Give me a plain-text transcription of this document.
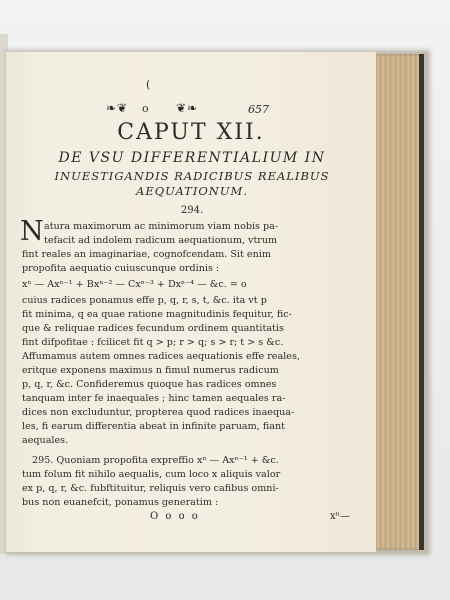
(
❧❦ o ❦❧	657
CAPUT XII.
DE VSU DIFFERENTIALIUM IN
INUESTIGANDIS RADICIBUS REALIBUS
AEQUATIONUM.
294.
N atura maximorum ac minimorum viam nobis pa-
tefacit ad indolem radicum aequationum, vtrum
fint reales an imaginariae, cognofcendam. Sit enim
propofita aequatio cuiuscunque ordinis :
xⁿ — Axⁿ⁻¹ + Bxⁿ⁻² — Cxⁿ⁻³ + Dxⁿ⁻⁴ — &c. = o
cuius radices ponamus effe p, q, r, s, t, &c. ita vt p
fit minima, q ea quae ratione magnitudinis fequitur, fic-
que & reliquae radices fecundum ordinem quantitatis
fint difpofitae : fcilicet fit q > p; r > q; s > r; t > s &c.
Affumamus autem omnes radices aequationis effe reales,
eritque exponens maximus n fimul numerus radicum
p, q, r, &c. Confideremus quoque has radices omnes
tanquam inter fe inaequales ; hinc tamen aequales ra-
dices non excluduntur, propterea quod radices inaequa-
les, fi earum differentia abeat in infinite paruam, fiant
aequales.
295. Quoniam propofita expreffio xⁿ — Axⁿ⁻¹ + &c.
tum folum fit nihilo aequalis, cum loco x aliquis valor
ex p, q, r, &c. fubftituitur, reliquis vero cafibus omni-
bus non euanefcit, ponamus generatim :
O o o o	xⁿ—
